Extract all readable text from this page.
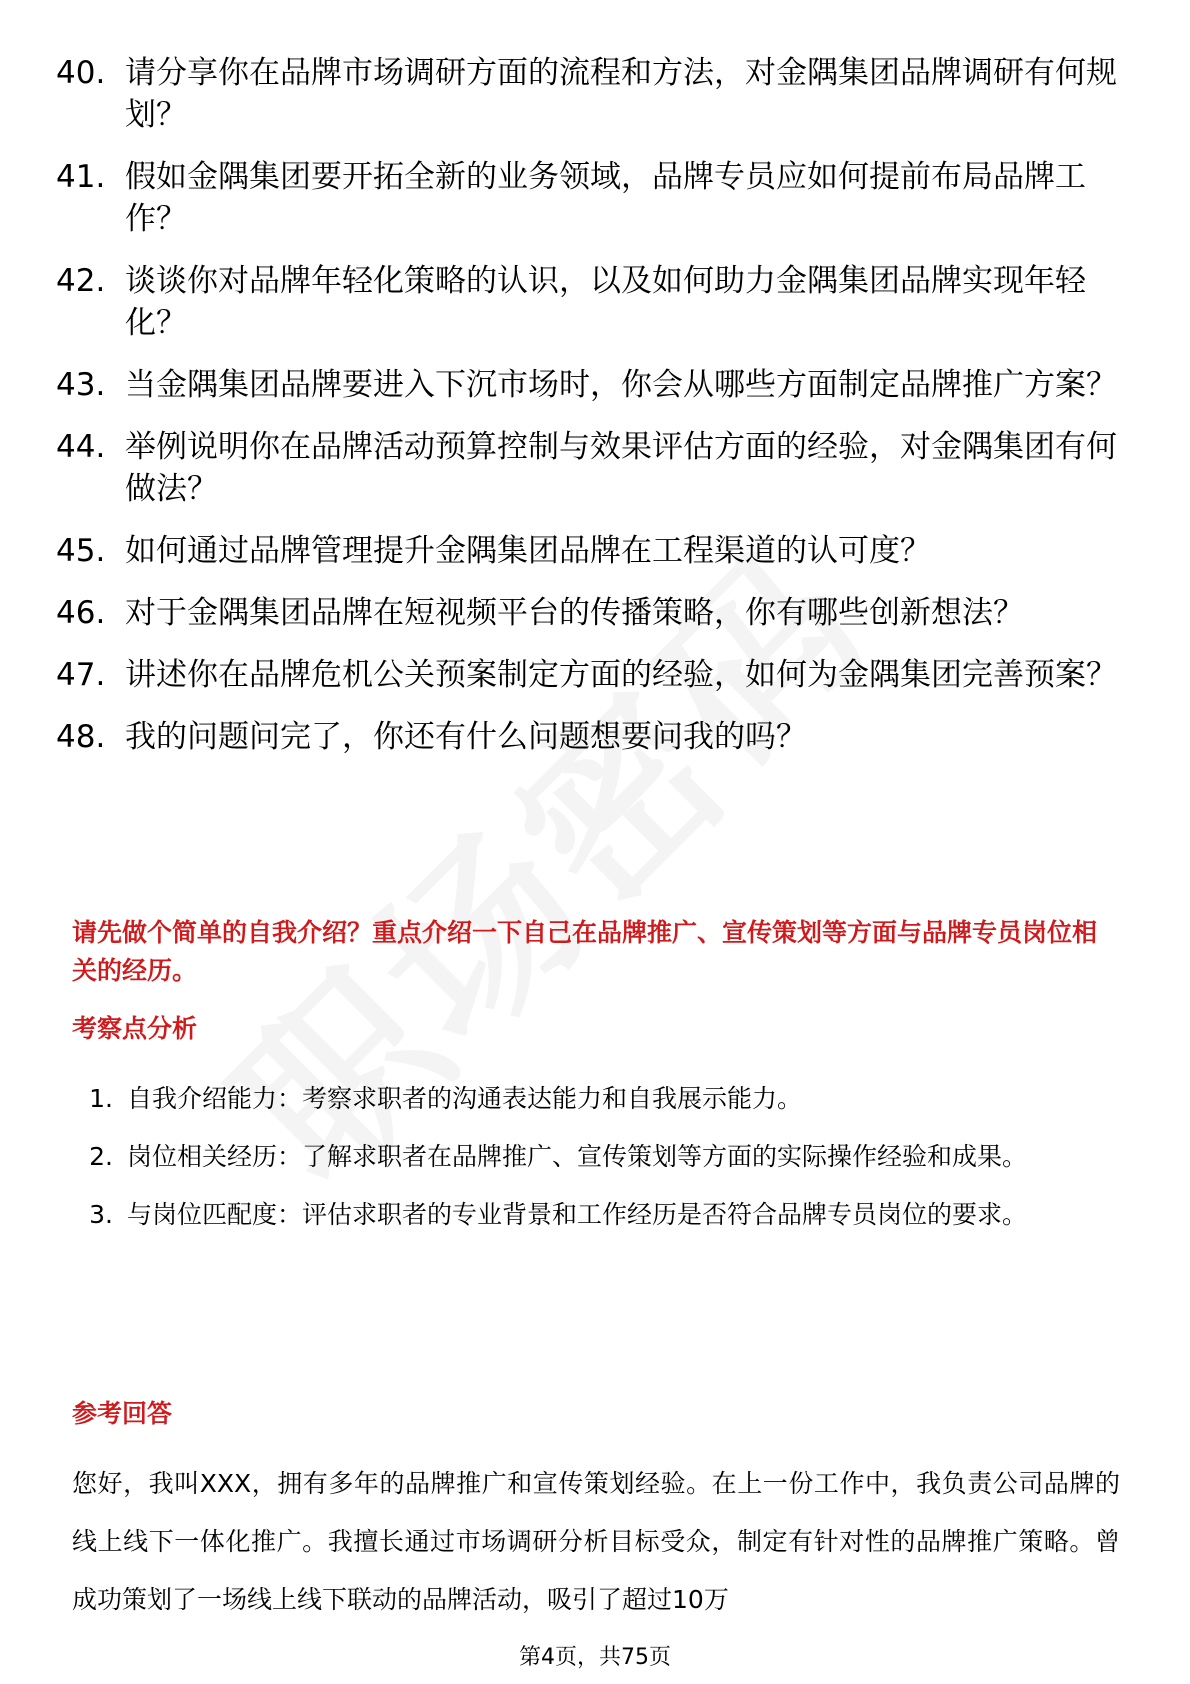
40. 请分享你在品牌市场调研方面的流程和方法，对金隅集团品牌调研有何规划？
41. 假如金隅集团要开拓全新的业务领域，品牌专员应如何提前布局品牌工作？
42. 谈谈你对品牌年轻化策略的认识，以及如何助力金隅集团品牌实现年轻化？
43. 当金隅集团品牌要进入下沉市场时，你会从哪些方面制定品牌推广方案？
44. 举例说明你在品牌活动预算控制与效果评估方面的经验，对金隅集团有何做法？
45. 如何通过品牌管理提升金隅集团品牌在工程渠道的认可度？
46. 对于金隅集团品牌在短视频平台的传播策略，你有哪些创新想法？
47. 讲述你在品牌危机公关预案制定方面的经验，如何为金隅集团完善预案？
48. 我的问题问完了，你还有什么问题想要问我的吗？
请先做个简单的自我介绍？重点介绍一下自己在品牌推广、宣传策划等方面与品牌专员岗位相关的经历。
考察点分析
1. 自我介绍能力：考察求职者的沟通表达能力和自我展示能力。
2. 岗位相关经历：了解求职者在品牌推广、宣传策划等方面的实际操作经验和成果。
3. 与岗位匹配度：评估求职者的专业背景和工作经历是否符合品牌专员岗位的要求。
参考回答
您好，我叫XXX，拥有多年的品牌推广和宣传策划经验。在上一份工作中，我负责公司品牌的线上线下一体化推广。我擅长通过市场调研分析目标受众，制定有针对性的品牌推广策略。曾成功策划了一场线上线下联动的品牌活动，吸引了超过10万
第4页，共75页
